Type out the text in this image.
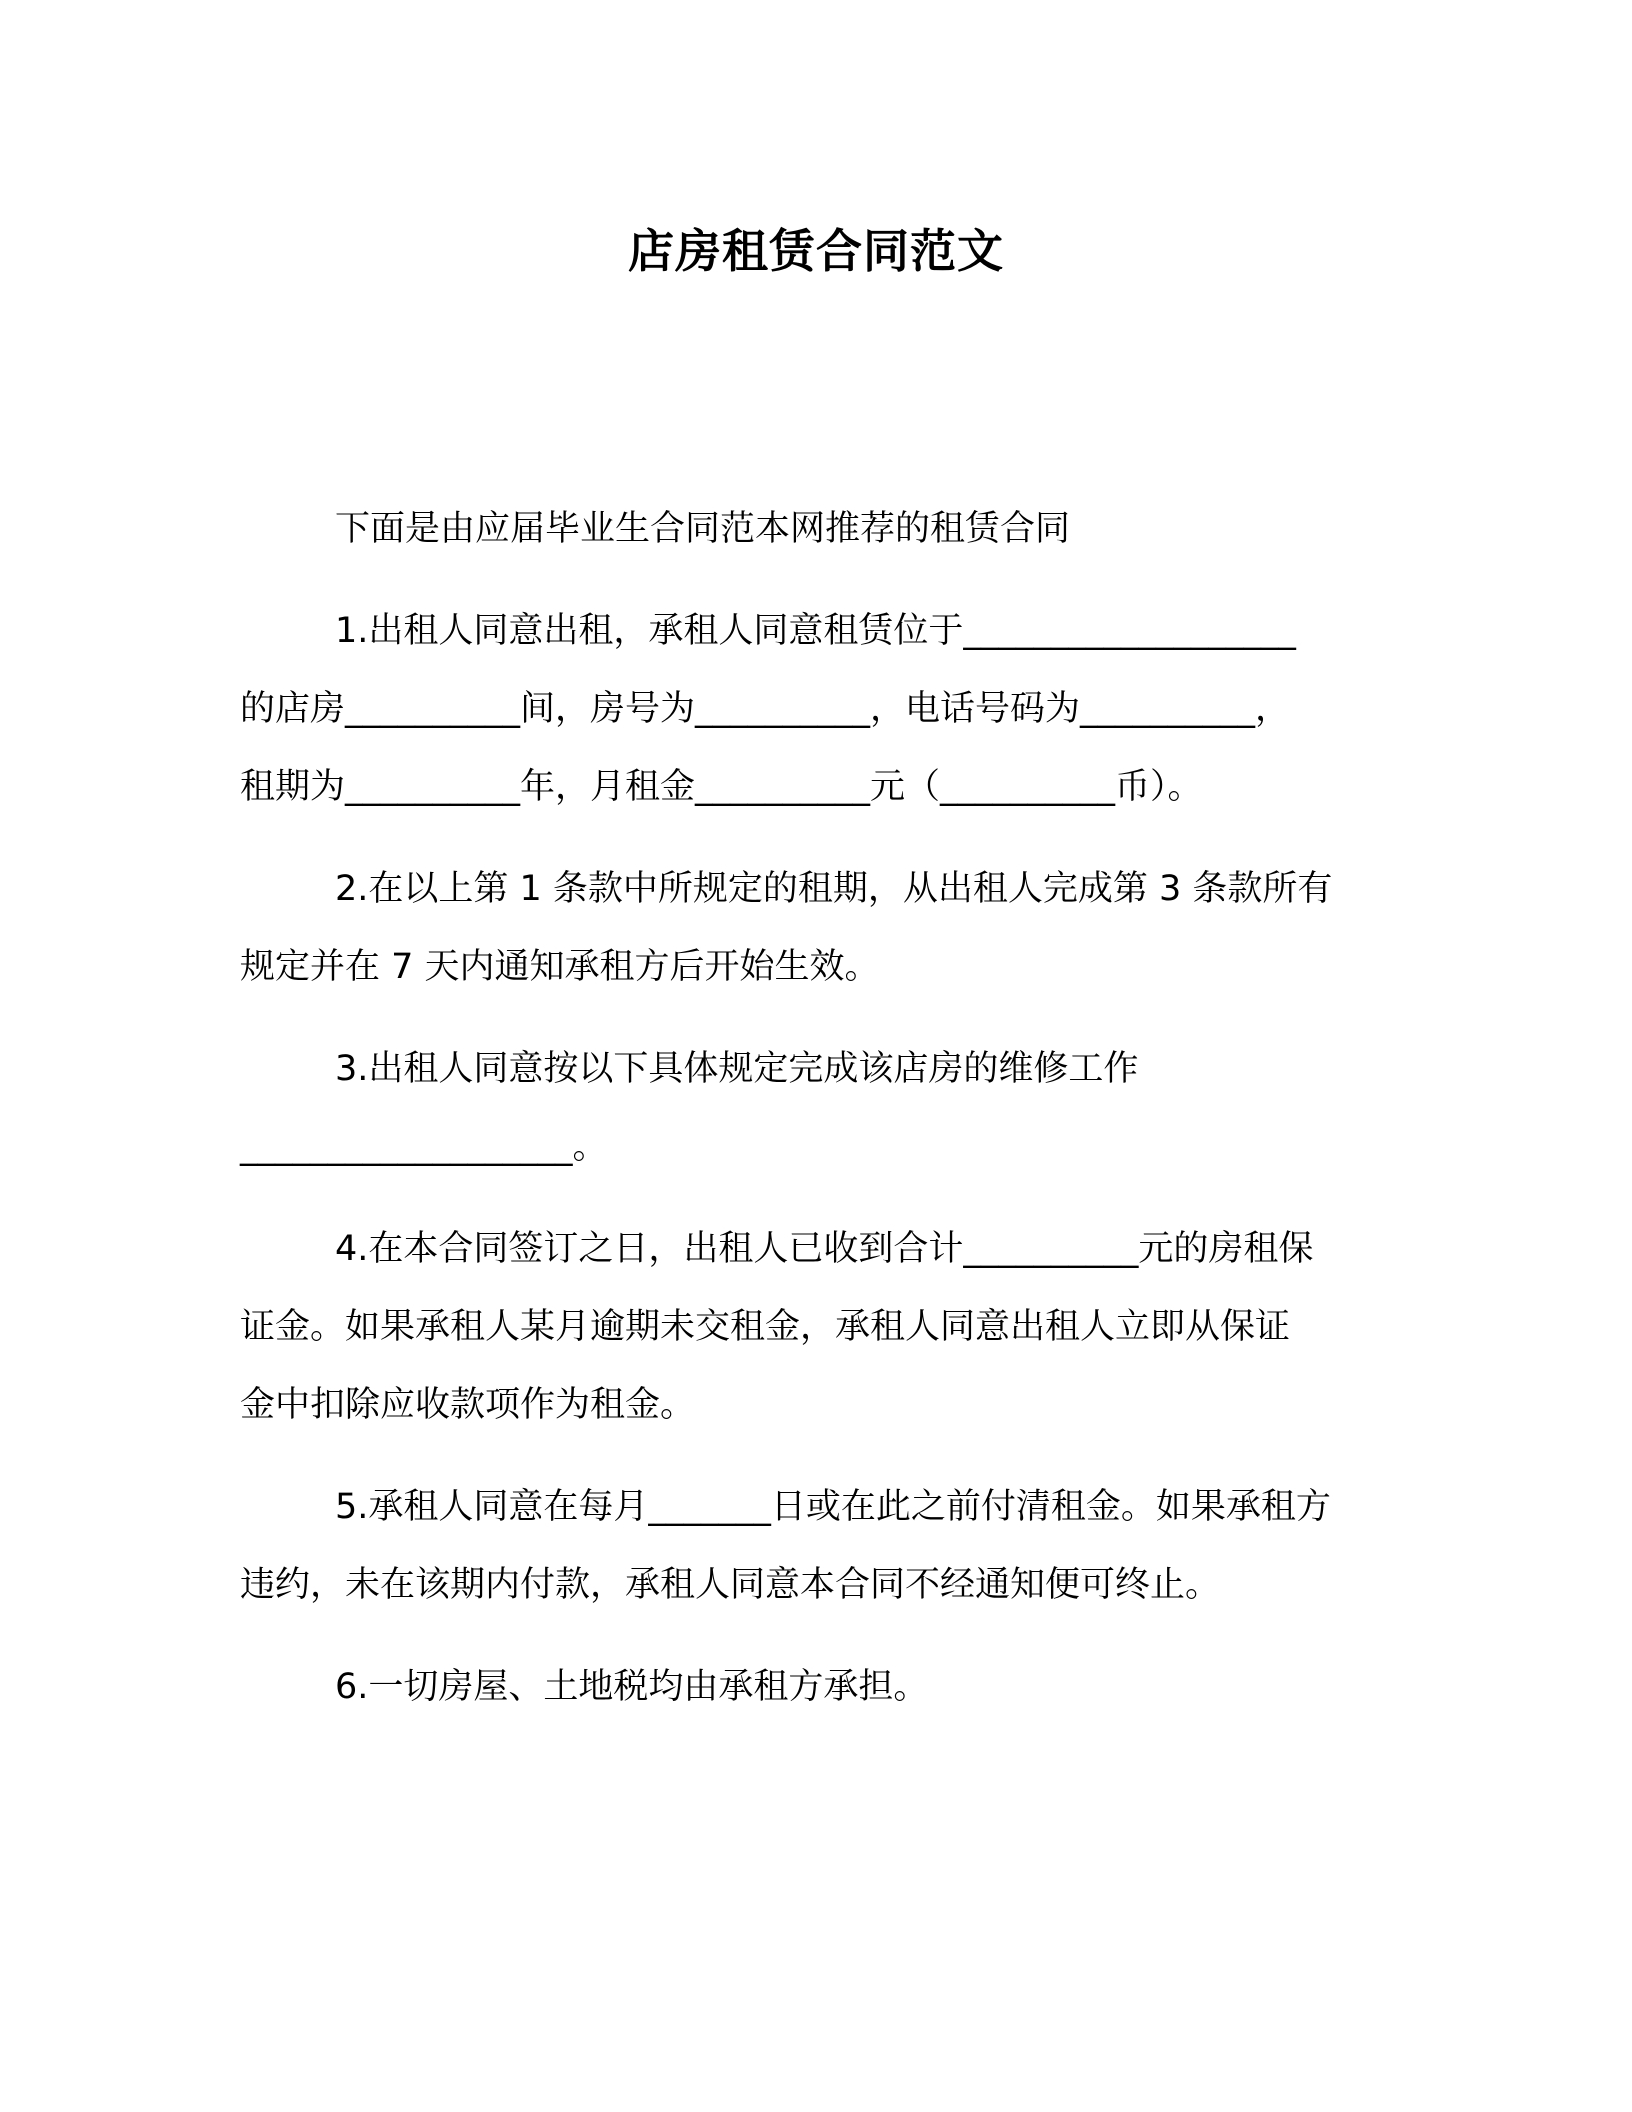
店房租赁合同范文

下面是由应届毕业生合同范本网推荐的租赁合同

1.出租人同意出租，承租人同意租赁位于___________________
的店房__________间，房号为__________，电话号码为__________，
租期为__________年，月租金__________元（__________币）。

2.在以上第 1 条款中所规定的租期，从出租人完成第 3 条款所有
规定并在 7 天内通知承租方后开始生效。

3.出租人同意按以下具体规定完成该店房的维修工作
___________________。

4.在本合同签订之日，出租人已收到合计__________元的房租保
证金。如果承租人某月逾期未交租金，承租人同意出租人立即从保证
金中扣除应收款项作为租金。

5.承租人同意在每月_______日或在此之前付清租金。如果承租方
违约，未在该期内付款，承租人同意本合同不经通知便可终止。

6.一切房屋、土地税均由承租方承担。
